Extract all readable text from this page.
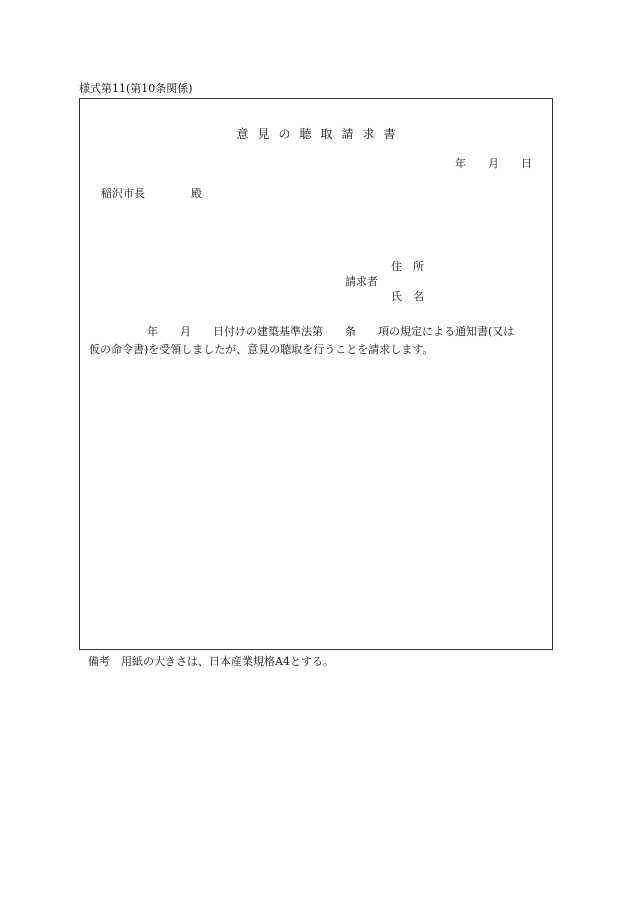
様式第11(第10条関係)
意見の聴取請求書
年　　月　　日
稲沢市長	殿
住　所
請求者
氏　名
年　　月　　日付けの建築基準法第　　条　　項の規定による通知書(又は
仮の命令書)を受領しましたが、意見の聴取を行うことを請求します。
備考　用紙の大きさは、日本産業規格A4とする。
